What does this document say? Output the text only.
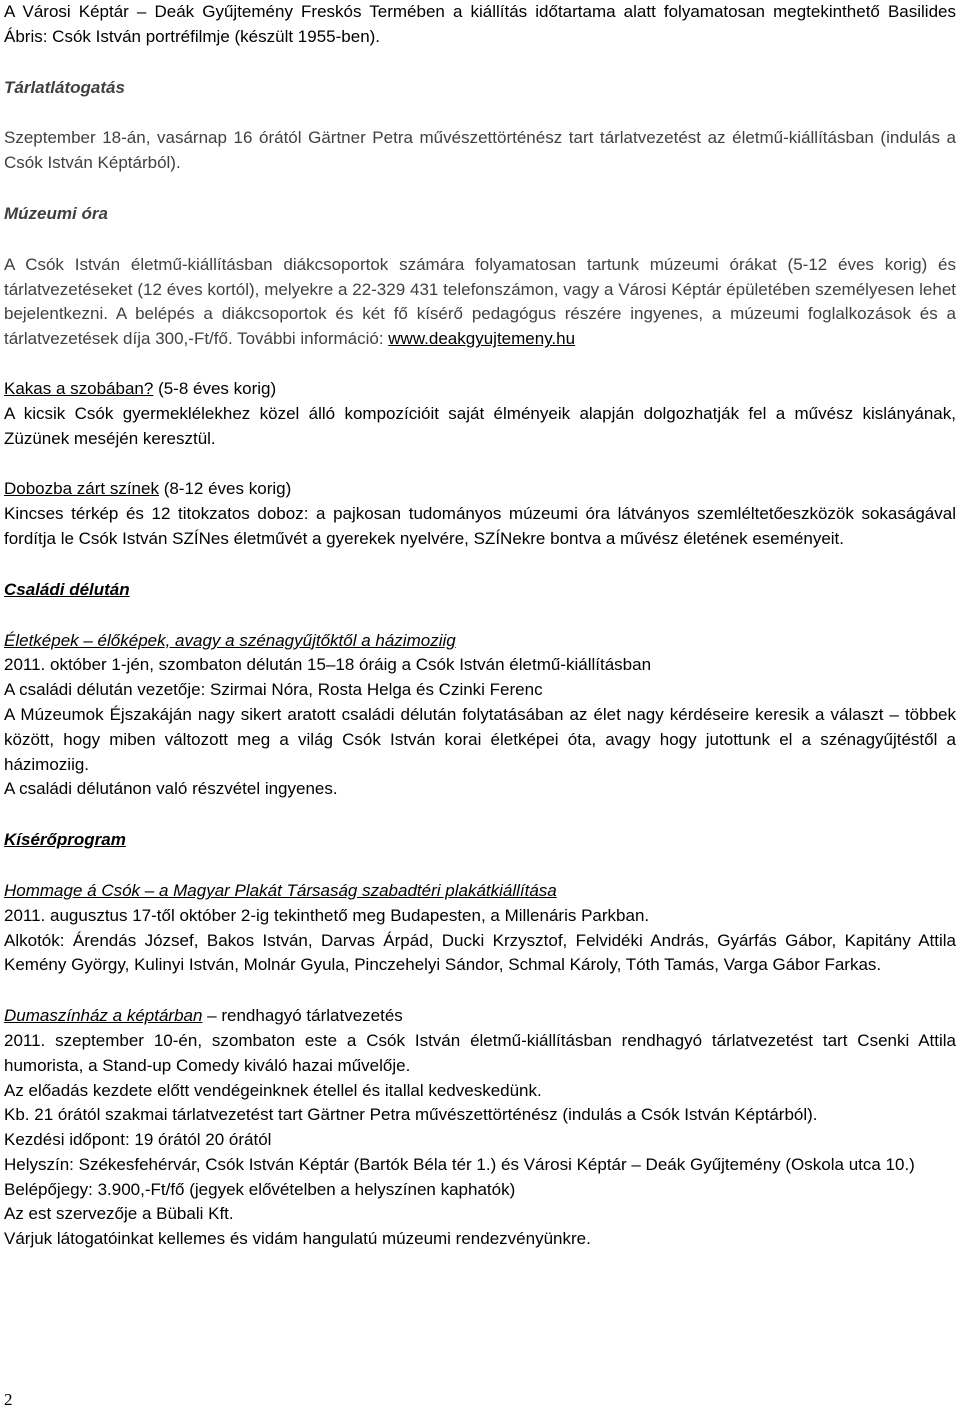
A Városi Képtár – Deák Gyűjtemény Freskós Termében a kiállítás időtartama alatt folyamatosan megtekinthető Basilides Ábris: Csók István portréfilmje (készült 1955-ben).

Tárlatlátogatás

Szeptember 18-án, vasárnap 16 órától Gärtner Petra művészettörténész tart tárlatvezetést az életmű-kiállításban (indulás a Csók István Képtárból).

Múzeumi óra

A Csók István életmű-kiállításban diákcsoportok számára folyamatosan tartunk múzeumi órákat (5-12 éves korig) és tárlatvezetéseket (12 éves kortól), melyekre a 22-329 431 telefonszámon, vagy a Városi Képtár épületében személyesen lehet bejelentkezni. A belépés a diákcsoportok és két fő kísérő pedagógus részére ingyenes, a múzeumi foglalkozások és a tárlatvezetések díja 300,-Ft/fő. További információ: www.deakgyujtemeny.hu

Kakas a szobában? (5-8 éves korig)

A kicsik Csók gyermeklélekhez közel álló kompozícióit saját élményeik alapján dolgozhatják fel a művész kislányának, Züzünek meséjén keresztül.

Dobozba zárt színek (8-12 éves korig)

Kincses térkép és 12 titokzatos doboz: a pajkosan tudományos múzeumi óra látványos szemléltetőeszközök sokaságával fordítja le Csók István SZÍNes életművét a gyerekek nyelvére, SZÍNekre bontva a művész életének eseményeit.

Családi délután

Életképek – élőképek, avagy a szénagyűjtőktől a házimoziig

2011. október 1-jén, szombaton délután 15–18 óráig a Csók István életmű-kiállításban

A családi délután vezetője: Szirmai Nóra, Rosta Helga és Czinki Ferenc

A Múzeumok Éjszakáján nagy sikert aratott családi délután folytatásában az élet nagy kérdéseire keresik a választ – többek között, hogy miben változott meg a világ Csók István korai életképei óta, avagy hogy jutottunk el a szénagyűjtéstől a házimoziig.

A családi délutánon való részvétel ingyenes.

Kísérőprogram

Hommage á Csók – a Magyar Plakát Társaság szabadtéri plakátkiállítása

2011. augusztus 17-től október 2-ig tekinthető meg Budapesten, a Millenáris Parkban.

Alkotók: Árendás József, Bakos István, Darvas Árpád, Ducki Krzysztof, Felvidéki András, Gyárfás Gábor, Kapitány Attila Kemény György, Kulinyi István, Molnár Gyula, Pinczehelyi Sándor, Schmal Károly, Tóth Tamás, Varga Gábor Farkas.

Dumaszínház a képtárban – rendhagyó tárlatvezetés

2011. szeptember 10-én, szombaton este a Csók István életmű-kiállításban rendhagyó tárlatvezetést tart Csenki Attila humorista, a Stand-up Comedy kiváló hazai művelője.

Az előadás kezdete előtt vendégeinknek étellel és itallal kedveskedünk.

Kb. 21 órától szakmai tárlatvezetést tart Gärtner Petra művészettörténész (indulás a Csók István Képtárból).

Kezdési időpont: 19 órától 20 órától

Helyszín: Székesfehérvár, Csók István Képtár (Bartók Béla tér 1.) és Városi Képtár – Deák Gyűjtemény (Oskola utca 10.)

Belépőjegy: 3.900,-Ft/fő (jegyek elővételben a helyszínen kaphatók)

Az est szervezője a Bübali Kft.

Várjuk látogatóinkat kellemes és vidám hangulatú múzeumi rendezvényünkre.

2
